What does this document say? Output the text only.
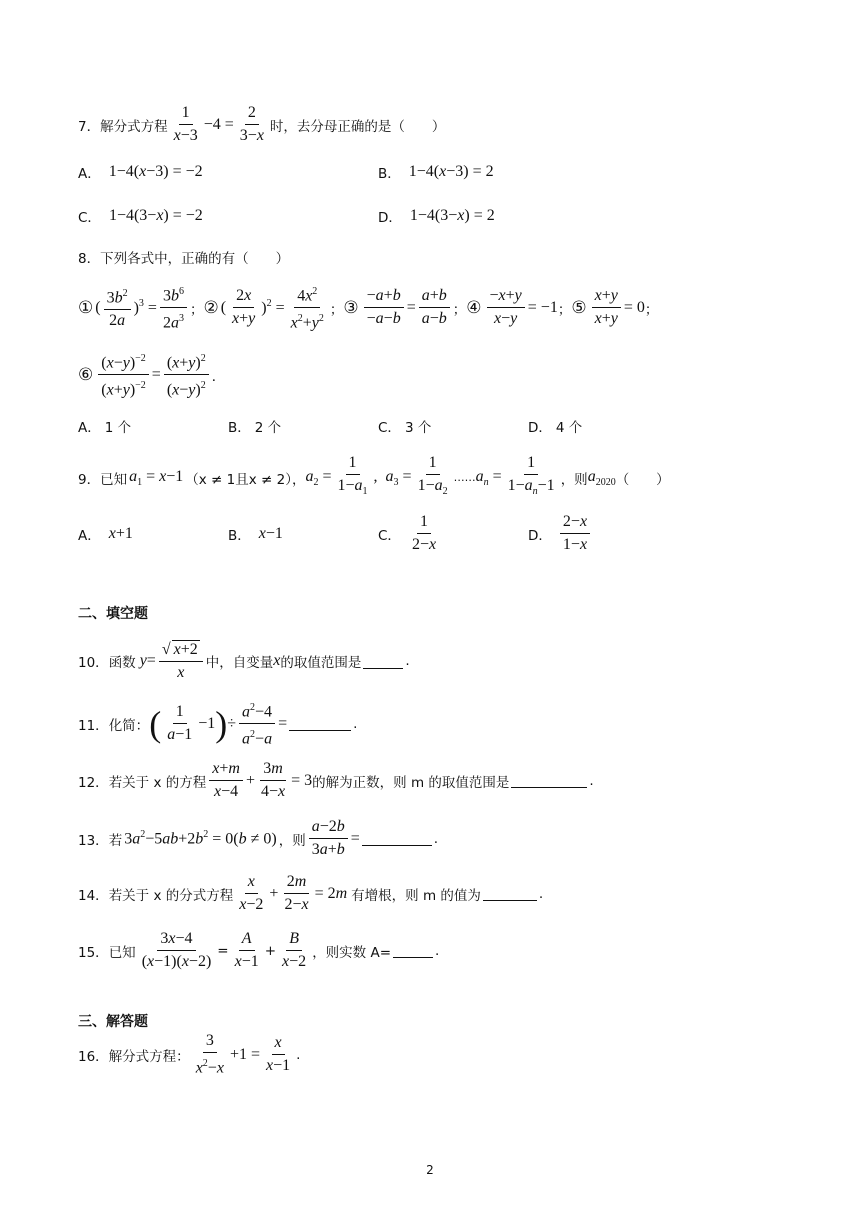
7． 解分式方程 $\frac{1}{x-3} -4 = \frac{2}{3-x}$ 时，去分母正确的是（　　）
A． 1−4(x−3) = −2	B． 1−4(x−3) = 2
C． 1−4(3−x) = −2	D． 1−4(3−x) = 2
8． 下列各式中，正确的有（　　）
① ( $\frac{3b^2}{2a} )^3 = \frac{3b^6}{2a^3}$ ； ② ( $\frac{2x}{x+y} )^2 = \frac{4x^2}{x^2+y^2}$ ； ③ $\frac{-a+b}{-a-b} = \frac{a+b}{a-b}$ ； ④ $\frac{-x+y}{x-y} = -1$ ； ⑤ $\frac{x+y}{x+y} = 0$ ；
⑥ $\frac{(x-y)^{-2}}{(x+y)^{-2}} = \frac{(x+y)^2}{(x-y)^2}$ ．
A． 1 个	B． 2 个	C． 3 个	D． 4 个
9． 已知 $a_1 = x-1$ （x ≠ 1且x ≠ 2）， $a_2 = \frac{1}{1-a_1}$ ,  $a_3 = \frac{1}{1-a_2}$ …… $a_n = \frac{1}{1-a_n-1}$ ，则 $a_{2020}$ （　　）
A． x+1	B． x−1	C． $\frac{1}{2-x}$	D． $\frac{2-x}{1-x}$
二、填空题
10． 函数 $y = \frac{√ x+2}{x}$ 中，自变量 x 的取值范围是	.
11． 化简： ( $\frac{1}{a-1} -1$ ) ÷ $\frac{a^2-4}{a^2-a}$ =	.
12． 若关于 x 的方程 $\frac{x+m}{x-4} + \frac{3m}{4-x} = 3$ 的解为正数，则 m 的取值范围是	.
13． 若 $3a^2-5ab+2b^2 = 0(b \ne 0)$ ，则 $\frac{a-2b}{3a+b}$ =	.
14． 若关于 x 的分式方程 $\frac{x}{x-2} + \frac{2m}{2-x} = 2m$ 有增根，则 m 的值为	.
15． 已知 $\frac{3x-4}{(x-1)(x-2)} = \frac{A}{x-1} + \frac{B}{x-2}$ ，则实数 A=	.
三、解答题
16． 解分式方程： $\frac{3}{x^2-x} +1 = \frac{x}{x-1}$ .
2
